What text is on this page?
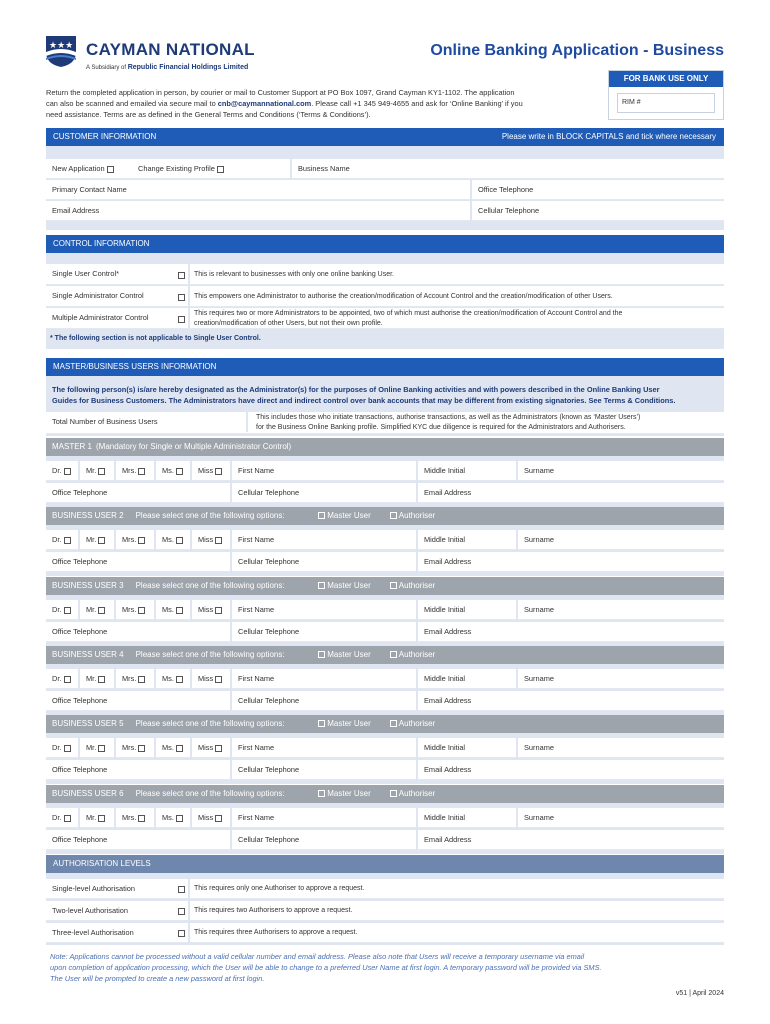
★★★ CAYMAN NATIONAL
A Subsidiary of Republic Financial Holdings Limited
Online Banking Application - Business
FOR BANK USE ONLY
RIM #
Return the completed application in person, by courier or mail to Customer Support at PO Box 1097, Grand Cayman KY1-1102. The application
can also be scanned and emailed via secure mail to cnb@caymannational.com. Please call +1 345 949-4655 and ask for ‘Online Banking’ if you
need assistance. Terms are as defined in the General Terms and Conditions (‘Terms & Conditions’).
CUSTOMER INFORMATION	Please write in BLOCK CAPITALS and tick where necessary
New Application	Change Existing Profile	Business Name
Primary Contact Name	Office Telephone
Email Address	Cellular Telephone
CONTROL INFORMATION
Single User Control*	This is relevant to businesses with only one online banking User.
Single Administrator Control	This empowers one Administrator to authorise the creation/modification of Account Control and the creation/modification of other Users.
Multiple Administrator Control	This requires two or more Administrators to be appointed, two of which must authorise the creation/modification of Account Control and the
creation/modification of other Users, but not their own profile.
* The following section is not applicable to Single User Control.
MASTER/BUSINESS USERS INFORMATION
The following person(s) is/are hereby designated as the Administrator(s) for the purposes of Online Banking activities and with powers described in the Online Banking User
Guides for Business Customers. The Administrators have direct and indirect control over bank accounts that may be different from existing signatories. See Terms & Conditions.
Total Number of Business Users	This includes those who initiate transactions, authorise transactions, as well as the Administrators (known as ‘Master Users’)
for the Business Online Banking profile. Simplified KYC due diligence is required for the Administrators and Authorisers.
MASTER 1 (Mandatory for Single or Multiple Administrator Control)
Dr.	Mr.	Mrs.	Ms.	Miss	First Name	Middle Initial	Surname
Office Telephone	Cellular Telephone	Email Address
BUSINESS USER 2 Please select one of the following options:	Master User	Authoriser
Dr.	Mr.	Mrs.	Ms.	Miss	First Name	Middle Initial	Surname
Office Telephone	Cellular Telephone	Email Address
BUSINESS USER 3 Please select one of the following options:	Master User	Authoriser
Dr.	Mr.	Mrs.	Ms.	Miss	First Name	Middle Initial	Surname
Office Telephone	Cellular Telephone	Email Address
BUSINESS USER 4 Please select one of the following options:	Master User	Authoriser
Dr.	Mr.	Mrs.	Ms.	Miss	First Name	Middle Initial	Surname
Office Telephone	Cellular Telephone	Email Address
BUSINESS USER 5 Please select one of the following options:	Master User	Authoriser
Dr.	Mr.	Mrs.	Ms.	Miss	First Name	Middle Initial	Surname
Office Telephone	Cellular Telephone	Email Address
BUSINESS USER 6 Please select one of the following options:	Master User	Authoriser
Dr.	Mr.	Mrs.	Ms.	Miss	First Name	Middle Initial	Surname
Office Telephone	Cellular Telephone	Email Address
AUTHORISATION LEVELS
Single-level Authorisation	This requires only one Authoriser to approve a request.
Two-level Authorisation	This requires two Authorisers to approve a request.
Three-level Authorisation	This requires three Authorisers to approve a request.
Note: Applications cannot be processed without a valid cellular number and email address. Please also note that Users will receive a temporary username via email
upon completion of application processing, which the User will be able to change to a preferred User Name at first login. A temporary password will be provided via SMS.
The User will be prompted to create a new password at first login.
v51 | April 2024
